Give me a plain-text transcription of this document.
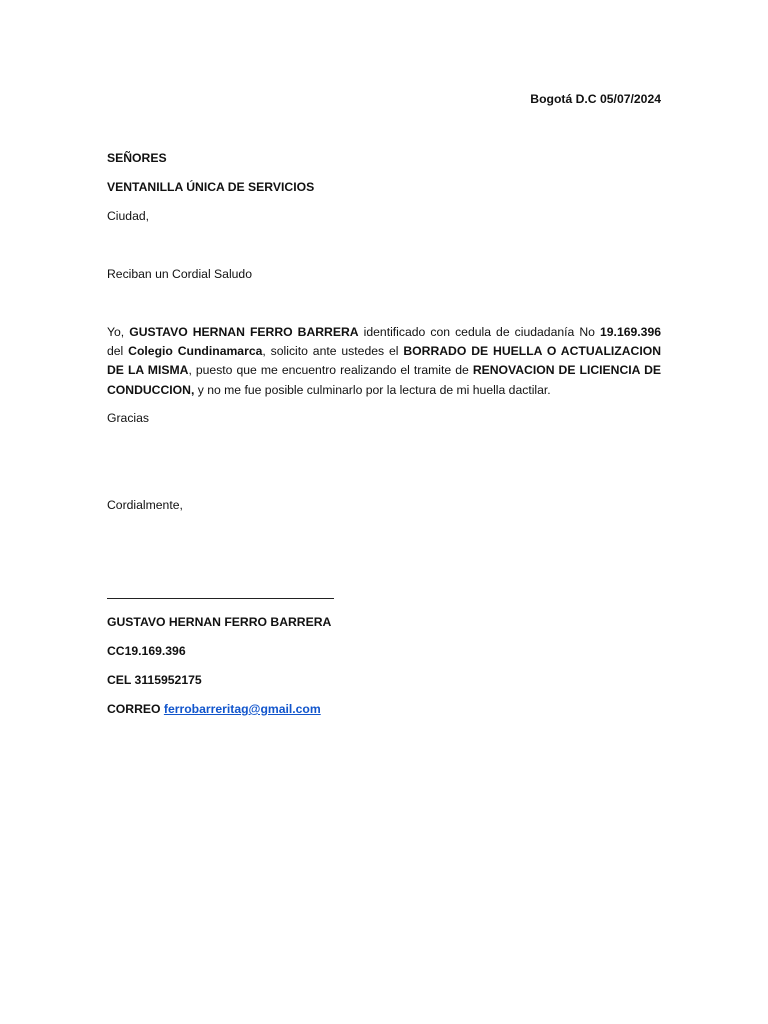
Bogotá D.C 05/07/2024
SEÑORES
VENTANILLA ÚNICA DE SERVICIOS
Ciudad,
Reciban un Cordial Saludo
Yo, GUSTAVO HERNAN FERRO BARRERA identificado con cedula de ciudadanía No 19.169.396 del Colegio Cundinamarca, solicito ante ustedes el BORRADO DE HUELLA O ACTUALIZACION DE LA MISMA, puesto que me encuentro realizando el tramite de RENOVACION DE LICIENCIA DE CONDUCCION, y no me fue posible culminarlo por la lectura de mi huella dactilar.
Gracias
Cordialmente,
GUSTAVO HERNAN FERRO BARRERA
CC19.169.396
CEL 3115952175
CORREO ferrobarreritag@gmail.com
